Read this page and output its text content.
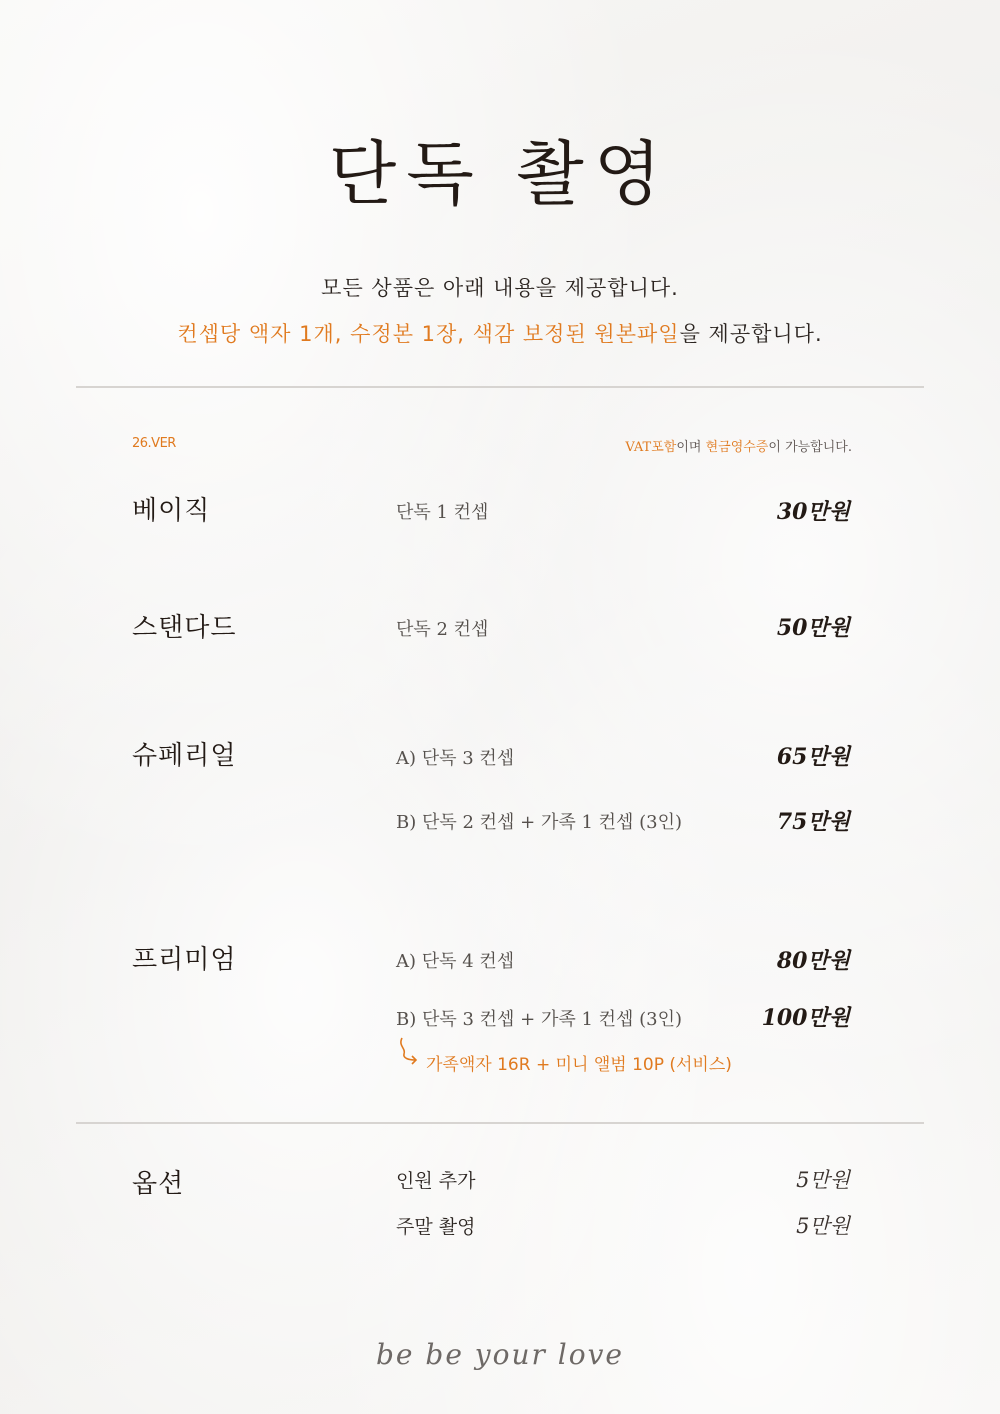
단독 촬영
모든 상품은 아래 내용을 제공합니다.
컨셉당 액자 1개, 수정본 1장, 색감 보정된 원본파일을 제공합니다.
26.VER	VAT포함이며 현금영수증이 가능합니다.
베이직	단독 1 컨셉	30만원
스탠다드	단독 2 컨셉	50만원
슈페리얼	A) 단독 3 컨셉	65만원
B) 단독 2 컨셉 + 가족 1 컨셉 (3인)	75만원
프리미엄	A) 단독 4 컨셉	80만원
B) 단독 3 컨셉 + 가족 1 컨셉 (3인)	100만원
가족액자 16R + 미니 앨범 10P (서비스)
옵션	인원 추가	5만원
주말 촬영	5만원
be be your love
